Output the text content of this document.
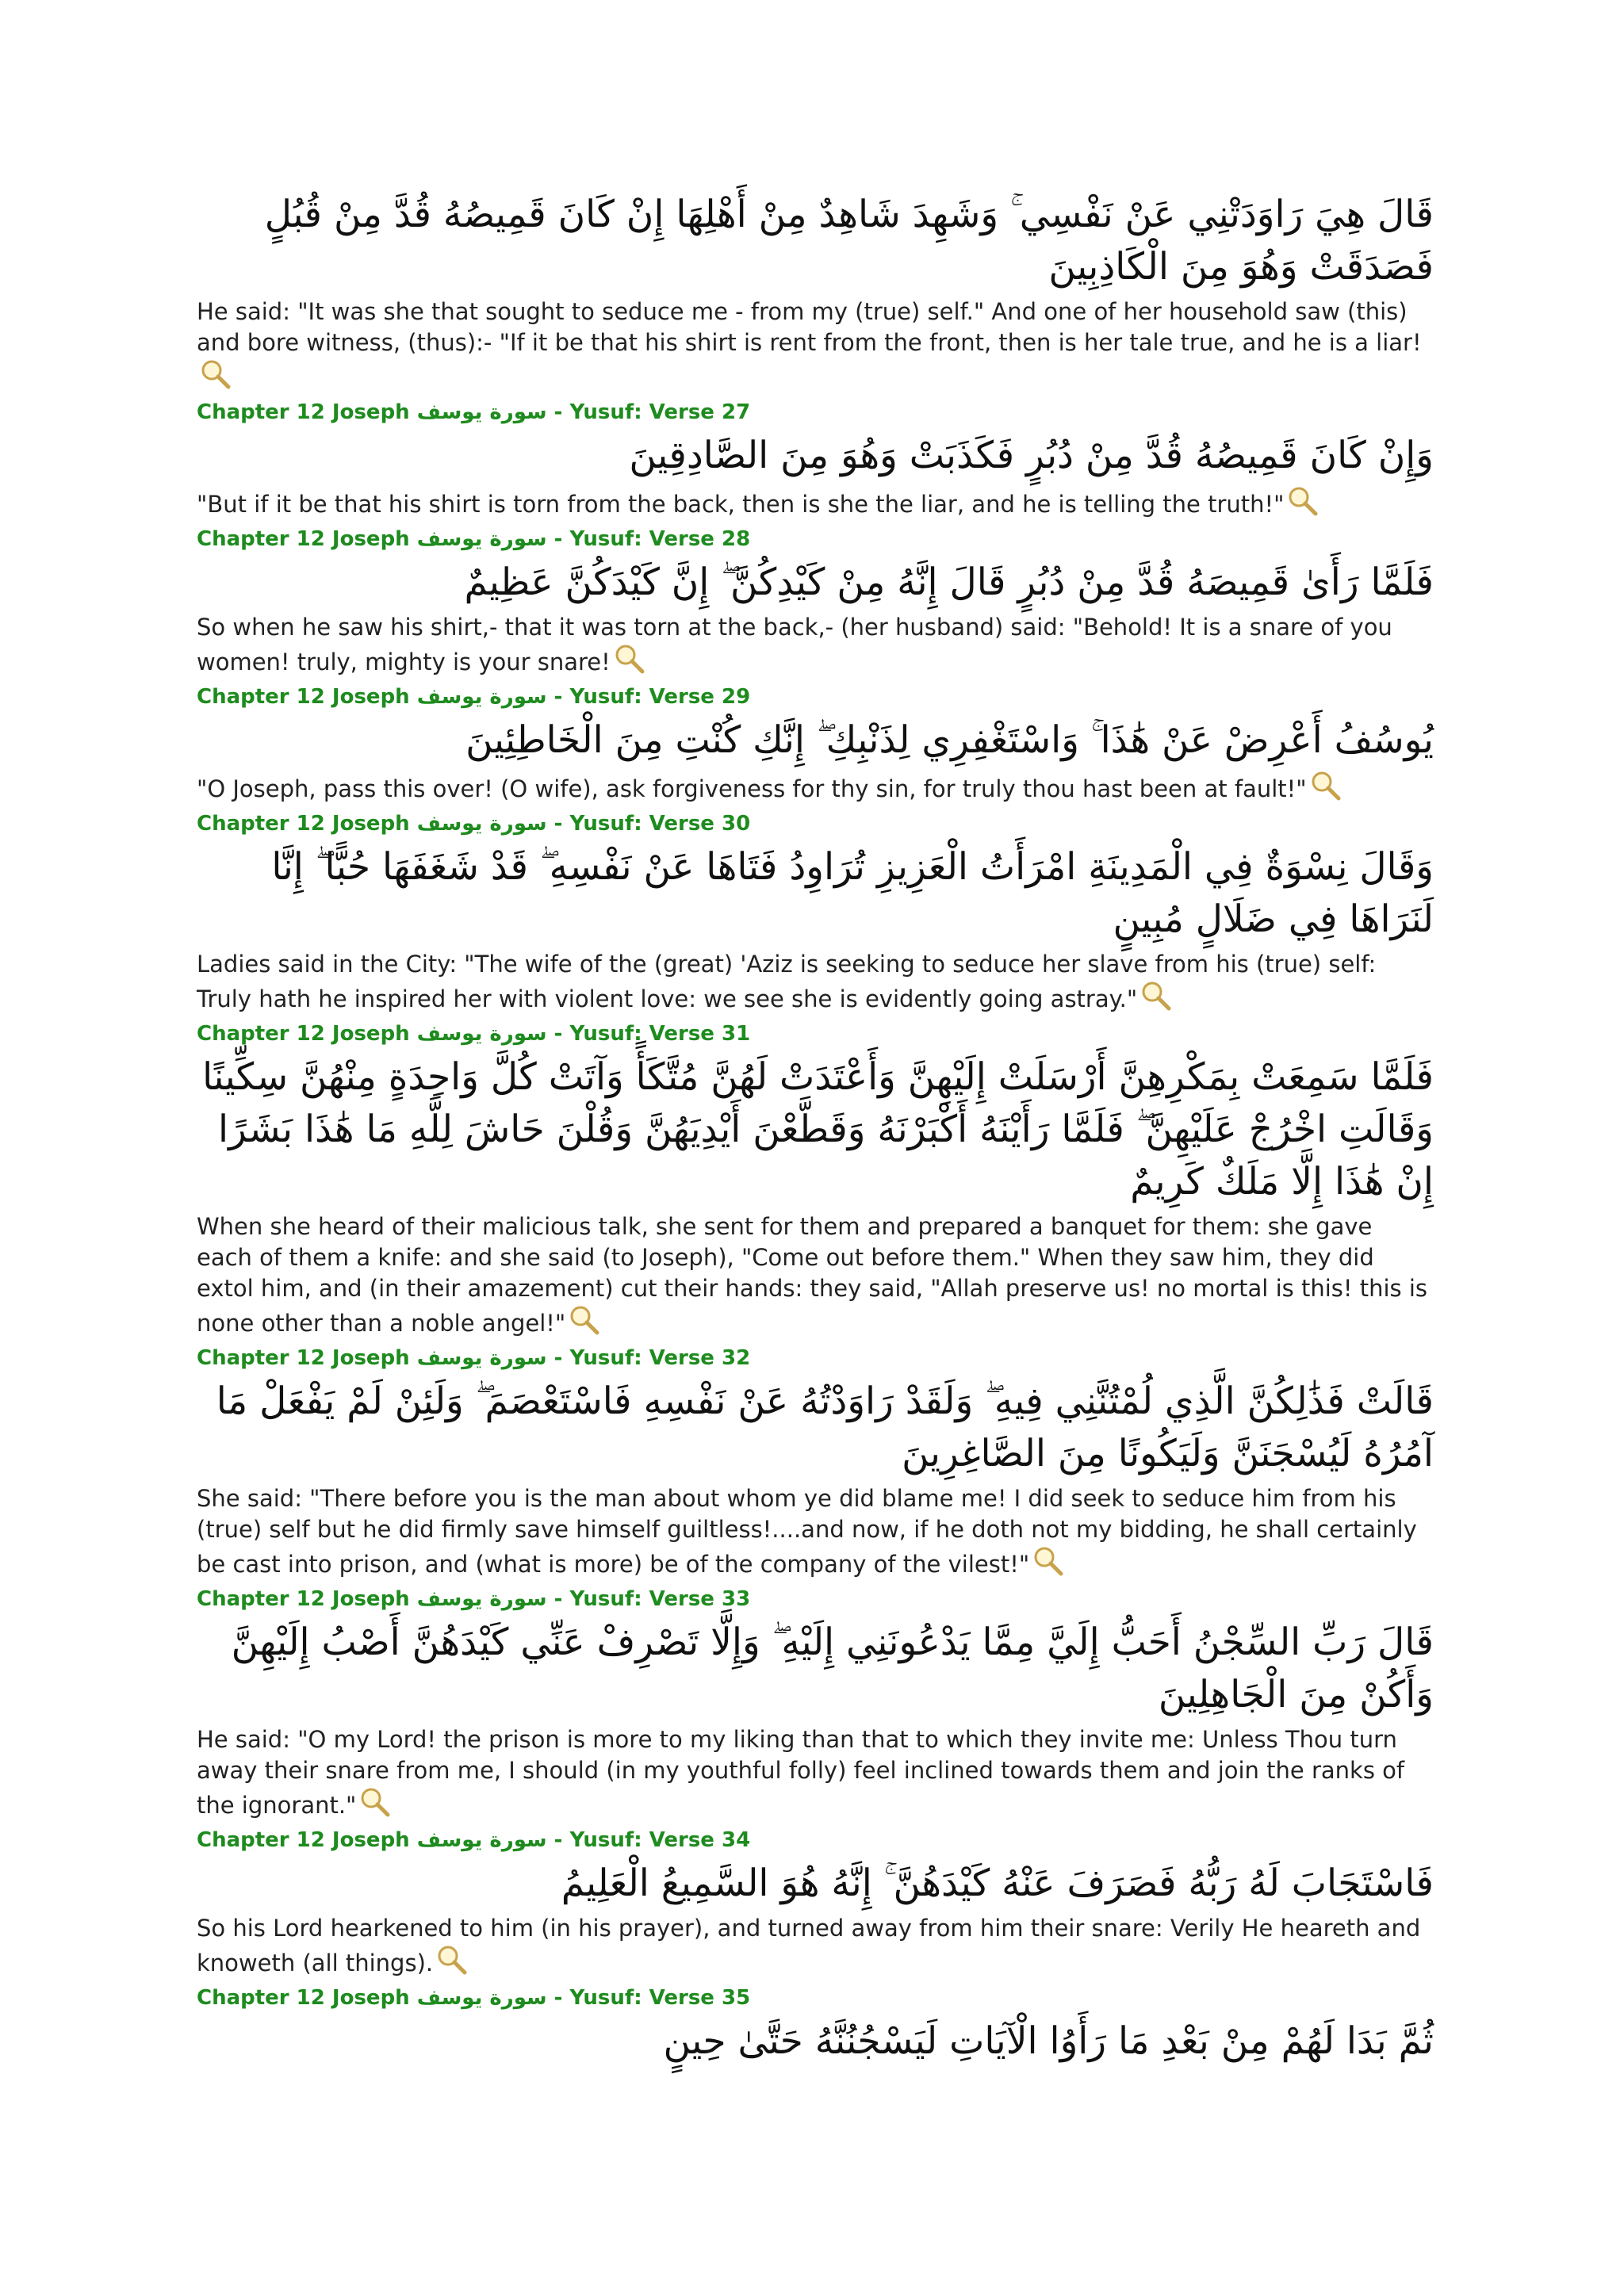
قَالَ هِيَ رَاوَدَتْنِي عَنْ نَفْسِي ۚ وَشَهِدَ شَاهِدٌ مِنْ أَهْلِهَا إِنْ كَانَ قَمِيصُهُ قُدَّ مِنْ قُبُلٍ فَصَدَقَتْ وَهُوَ مِنَ الْكَاذِبِينَ

He said: "It was she that sought to seduce me - from my (true) self." And one of her household saw (this) and bore witness, (thus):- "If it be that his shirt is rent from the front, then is her tale true, and he is a liar!

Chapter 12 Joseph سورة يوسف - Yusuf: Verse 27

وَإِنْ كَانَ قَمِيصُهُ قُدَّ مِنْ دُبُرٍ فَكَذَبَتْ وَهُوَ مِنَ الصَّادِقِينَ

"But if it be that his shirt is torn from the back, then is she the liar, and he is telling the truth!"

Chapter 12 Joseph سورة يوسف - Yusuf: Verse 28

فَلَمَّا رَأَىٰ قَمِيصَهُ قُدَّ مِنْ دُبُرٍ قَالَ إِنَّهُ مِنْ كَيْدِكُنَّ ۖ إِنَّ كَيْدَكُنَّ عَظِيمٌ

So when he saw his shirt,- that it was torn at the back,- (her husband) said: "Behold! It is a snare of you women! truly, mighty is your snare!

Chapter 12 Joseph سورة يوسف - Yusuf: Verse 29

يُوسُفُ أَعْرِضْ عَنْ هَٰذَا ۚ وَاسْتَغْفِرِي لِذَنْبِكِ ۖ إِنَّكِ كُنْتِ مِنَ الْخَاطِئِينَ

"O Joseph, pass this over! (O wife), ask forgiveness for thy sin, for truly thou hast been at fault!"

Chapter 12 Joseph سورة يوسف - Yusuf: Verse 30

وَقَالَ نِسْوَةٌ فِي الْمَدِينَةِ امْرَأَتُ الْعَزِيزِ تُرَاوِدُ فَتَاهَا عَنْ نَفْسِهِ ۖ قَدْ شَغَفَهَا حُبًّا ۖ إِنَّا لَنَرَاهَا فِي ضَلَالٍ مُبِينٍ

Ladies said in the City: "The wife of the (great) 'Aziz is seeking to seduce her slave from his (true) self: Truly hath he inspired her with violent love: we see she is evidently going astray."

Chapter 12 Joseph سورة يوسف - Yusuf: Verse 31

فَلَمَّا سَمِعَتْ بِمَكْرِهِنَّ أَرْسَلَتْ إِلَيْهِنَّ وَأَعْتَدَتْ لَهُنَّ مُتَّكَأً وَآتَتْ كُلَّ وَاحِدَةٍ مِنْهُنَّ سِكِّينًا وَقَالَتِ اخْرُجْ عَلَيْهِنَّ ۖ فَلَمَّا رَأَيْنَهُ أَكْبَرْنَهُ وَقَطَّعْنَ أَيْدِيَهُنَّ وَقُلْنَ حَاشَ لِلَّهِ مَا هَٰذَا بَشَرًا إِنْ هَٰذَا إِلَّا مَلَكٌ كَرِيمٌ

When she heard of their malicious talk, she sent for them and prepared a banquet for them: she gave each of them a knife: and she said (to Joseph), "Come out before them." When they saw him, they did extol him, and (in their amazement) cut their hands: they said, "Allah preserve us! no mortal is this! this is none other than a noble angel!"

Chapter 12 Joseph سورة يوسف - Yusuf: Verse 32

قَالَتْ فَذَٰلِكُنَّ الَّذِي لُمْتُنَّنِي فِيهِ ۖ وَلَقَدْ رَاوَدْتُهُ عَنْ نَفْسِهِ فَاسْتَعْصَمَ ۖ وَلَئِنْ لَمْ يَفْعَلْ مَا آمُرُهُ لَيُسْجَنَنَّ وَلَيَكُونًا مِنَ الصَّاغِرِينَ

She said: "There before you is the man about whom ye did blame me! I did seek to seduce him from his (true) self but he did firmly save himself guiltless!....and now, if he doth not my bidding, he shall certainly be cast into prison, and (what is more) be of the company of the vilest!"

Chapter 12 Joseph سورة يوسف - Yusuf: Verse 33

قَالَ رَبِّ السِّجْنُ أَحَبُّ إِلَيَّ مِمَّا يَدْعُونَنِي إِلَيْهِ ۖ وَإِلَّا تَصْرِفْ عَنِّي كَيْدَهُنَّ أَصْبُ إِلَيْهِنَّ وَأَكُنْ مِنَ الْجَاهِلِينَ

He said: "O my Lord! the prison is more to my liking than that to which they invite me: Unless Thou turn away their snare from me, I should (in my youthful folly) feel inclined towards them and join the ranks of the ignorant."

Chapter 12 Joseph سورة يوسف - Yusuf: Verse 34

فَاسْتَجَابَ لَهُ رَبُّهُ فَصَرَفَ عَنْهُ كَيْدَهُنَّ ۚ إِنَّهُ هُوَ السَّمِيعُ الْعَلِيمُ

So his Lord hearkened to him (in his prayer), and turned away from him their snare: Verily He heareth and knoweth (all things).

Chapter 12 Joseph سورة يوسف - Yusuf: Verse 35

ثُمَّ بَدَا لَهُمْ مِنْ بَعْدِ مَا رَأَوُا الْآيَاتِ لَيَسْجُنُنَّهُ حَتَّىٰ حِينٍ
